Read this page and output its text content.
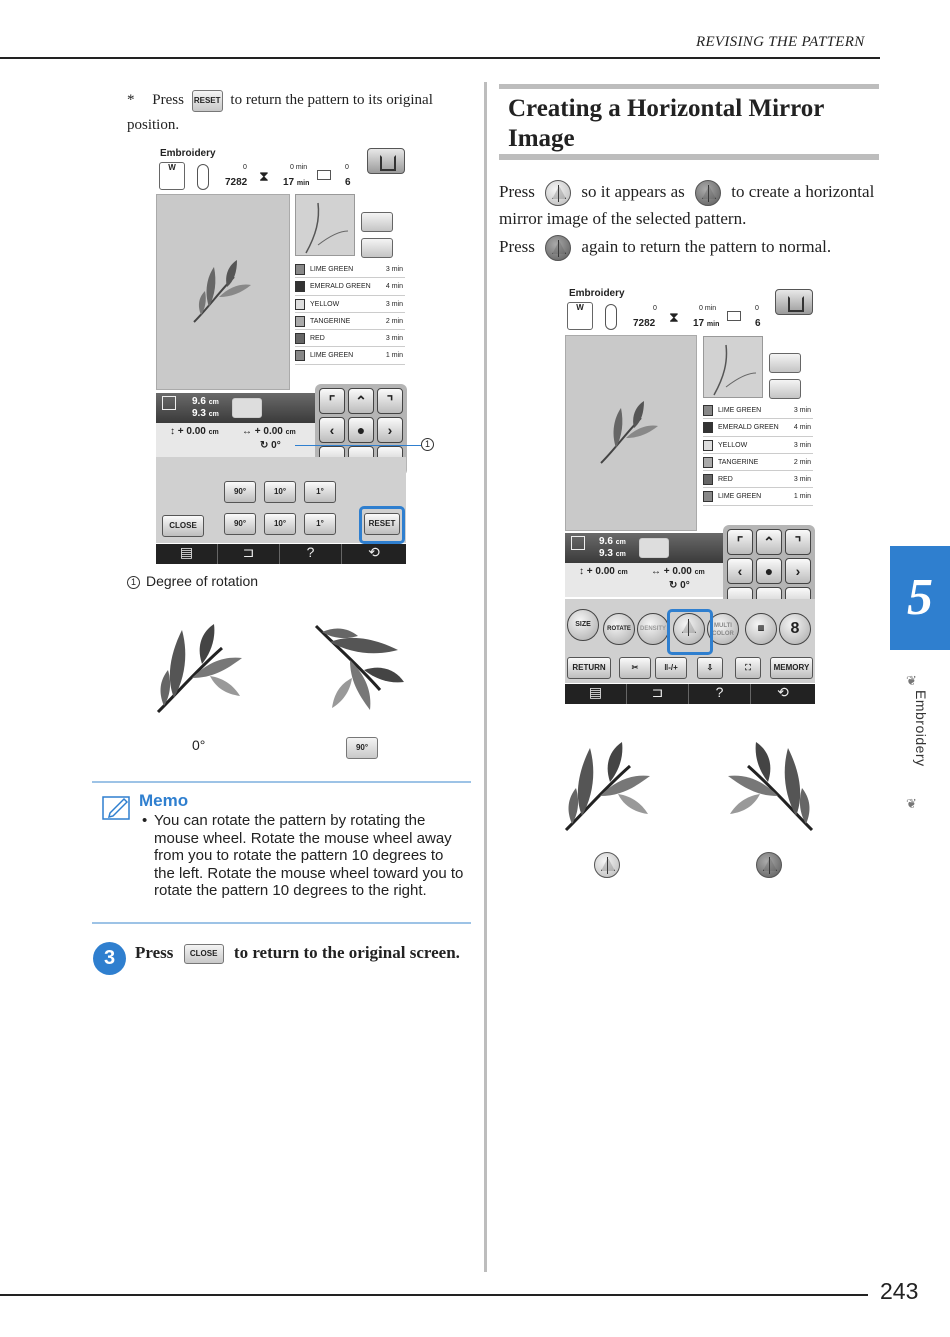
REVISING THE PATTERN
243
5
❦
Embroidery
❦
* Press RESET to return the pattern to its original position.
Embroidery
W	0
7282 ⧗
0 min
17 min
0
6
LIME GREEN	3 min
EMERALD GREEN 4 min
YELLOW	3 min
TANGERINE	2 min
RED	3 min
LIME GREEN	1 min
9.6 cm
9.3 cm
↕ + 0.00 cm ↔ + 0.00 cm
↻ 0°
⌜	⌃	⌝
‹	●	›
90°	10°	1°
90°	10°	1°
CLOSE	RESET
▤	⊐	?	⟲
1
1 Degree of rotation
0°	90°
Memo
• You can rotate the pattern by rotating the mouse wheel. Rotate the mouse wheel away from you to rotate the pattern 10 degrees to the left. Rotate the mouse wheel toward you to rotate the pattern 10 degrees to the right.
3	Press CLOSE to return to the original screen.
Creating a Horizontal Mirror Image
Press	so it appears as	to create a horizontal mirror image of the selected pattern.
Press	again to return the pattern to normal.
Embroidery
W	0
7282 ⧗
0 min
17 min
0
6
LIME GREEN	3 min
EMERALD GREEN 4 min
YELLOW	3 min
TANGERINE	2 min
RED	3 min
LIME GREEN	1 min
9.6 cm
9.3 cm
↕ + 0.00 cm ↔ + 0.00 cm
↻ 0°
⌜	⌃	⌝
‹	●	›
SIZE
ROTATE	DENSITY	MULTI COLOR
▥	8
RETURN	✂	‖-/+	⇩	⛶	MEMORY
▤	⊐	?	⟲
